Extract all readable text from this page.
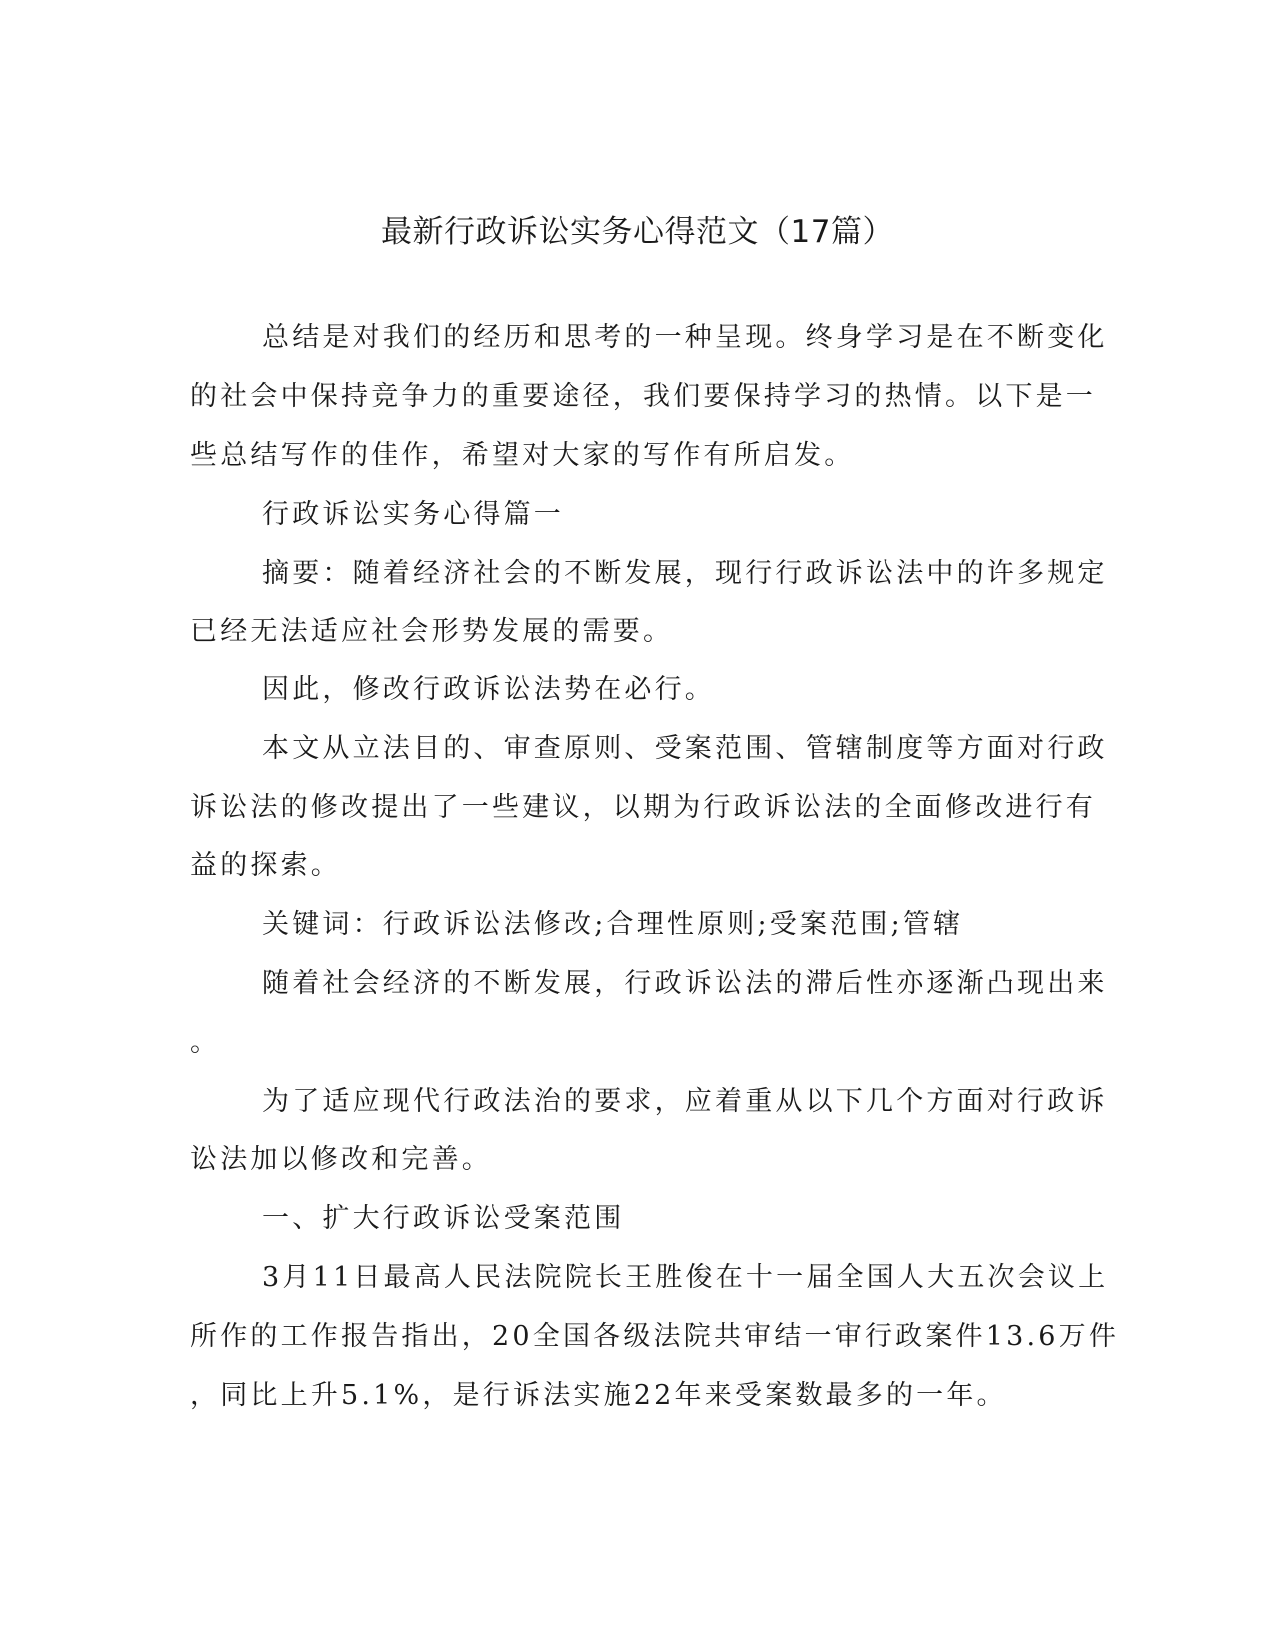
最新行政诉讼实务心得范文（17篇）

总结是对我们的经历和思考的一种呈现。终身学习是在不断变化

的社会中保持竞争力的重要途径，我们要保持学习的热情。以下是一

些总结写作的佳作，希望对大家的写作有所启发。

行政诉讼实务心得篇一

摘要：随着经济社会的不断发展，现行行政诉讼法中的许多规定

已经无法适应社会形势发展的需要。

因此，修改行政诉讼法势在必行。

本文从立法目的、审查原则、受案范围、管辖制度等方面对行政

诉讼法的修改提出了一些建议，以期为行政诉讼法的全面修改进行有

益的探索。

关键词：行政诉讼法修改;合理性原则;受案范围;管辖

随着社会经济的不断发展，行政诉讼法的滞后性亦逐渐凸现出来

。

为了适应现代行政法治的要求，应着重从以下几个方面对行政诉

讼法加以修改和完善。

一、扩大行政诉讼受案范围

3月11日最高人民法院院长王胜俊在十一届全国人大五次会议上

所作的工作报告指出，20全国各级法院共审结一审行政案件13.6万件

，同比上升5.1%，是行诉法实施22年来受案数最多的一年。
